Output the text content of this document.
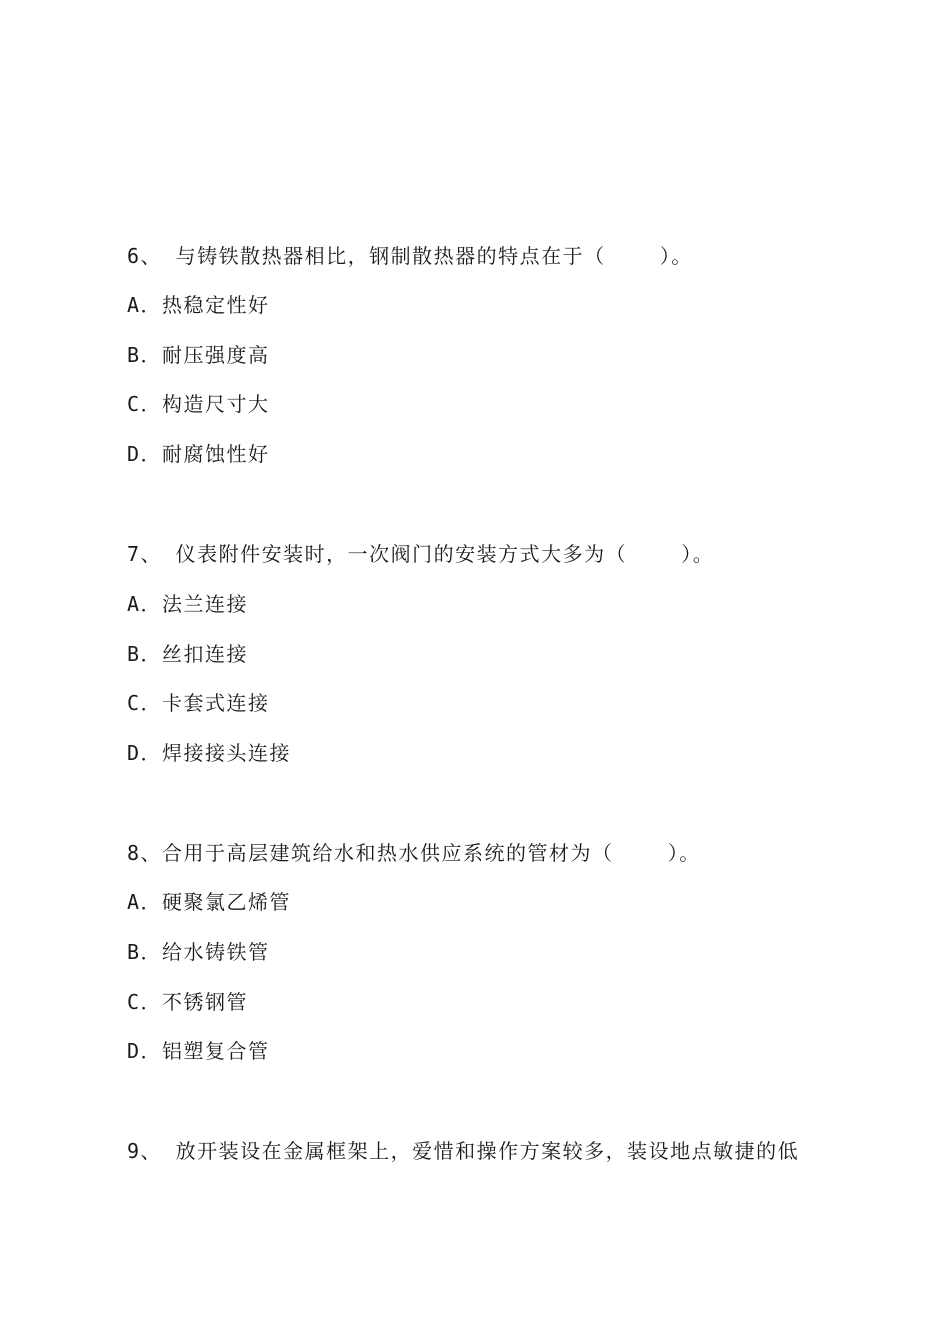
6、 与铸铁散热器相比，钢制散热器的特点在于（    ）。
A．热稳定性好
B．耐压强度高
C．构造尺寸大
D．耐腐蚀性好
7、 仪表附件安装时，一次阀门的安装方式大多为（    ）。
A．法兰连接
B．丝扣连接
C．卡套式连接
D．焊接接头连接
8、合用于高层建筑给水和热水供应系统的管材为（    ）。
A．硬聚氯乙烯管
B．给水铸铁管
C．不锈钢管
D．铝塑复合管
9、 放开装设在金属框架上，爱惜和操作方案较多，装设地点敏捷的低
